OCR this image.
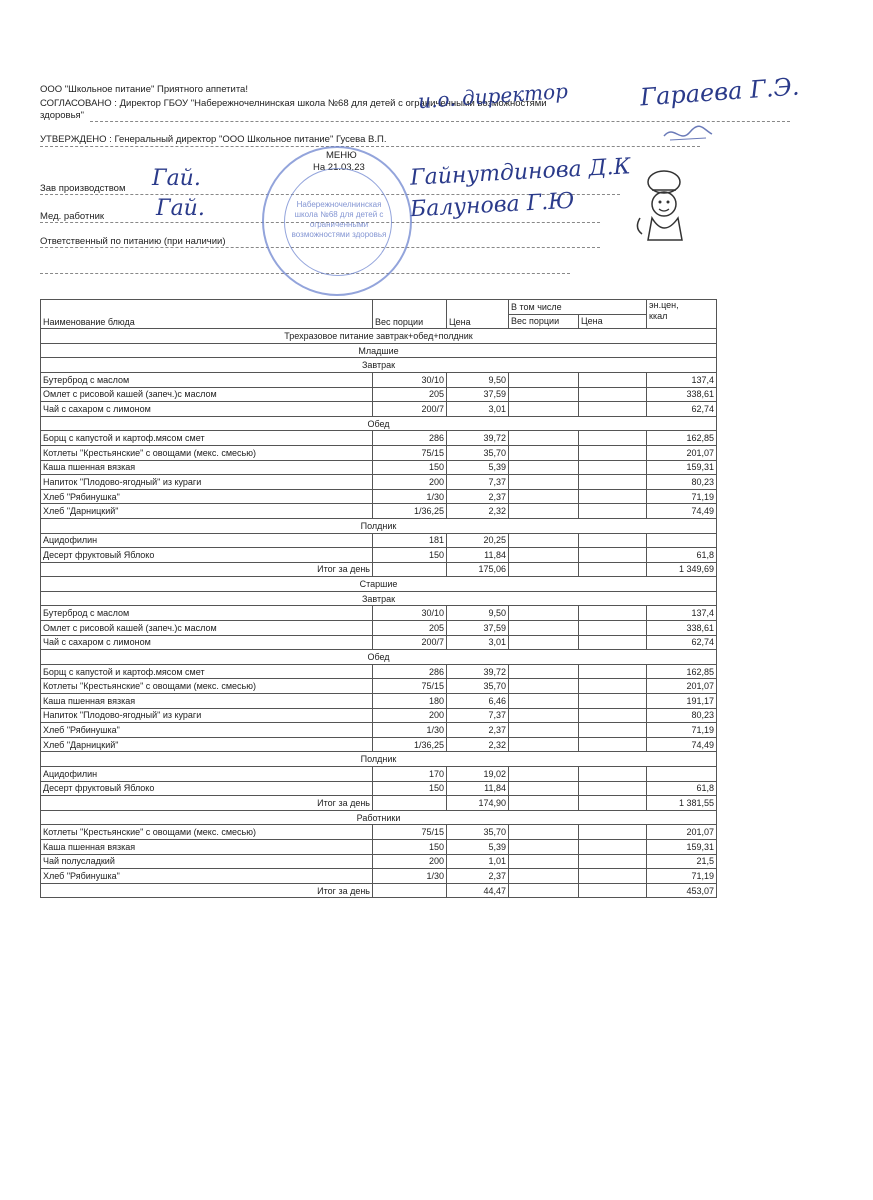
ООО "Школьное питание" Приятного аппетита!
СОГЛАСОВАНО : Директор ГБОУ "Набережночелнинская школа №68 для детей с ограниченными возможностями
здоровья"
УТВЕРЖДЕНО : Генеральный директор "ООО Школьное питание" Гусева В.П.
МЕНЮ
На 21.03.23
Зав производством
Мед. работник
Ответственный по питанию (при наличии)
и.о. директор	Гараева Г.Э.
Гай.
Гай.
Гайнутдинова Д.К
Балунова Г.Ю
Набережночелнинская школа №68 для детей с ограниченными возможностями здоровья
Наименование блюда	Вес порции	Цена	В том числе		эн.цен,
ккал

			Вес порции	Цена	
Трехразовое питание завтрак+обед+полдник					
Младшие					
Завтрак					
Бутерброд с маслом	30/10	9,50			137,4
Омлет с рисовой кашей (запеч.)с маслом	205	37,59			338,61
Чай с сахаром с лимоном	200/7	3,01			62,74
Обед					
Борщ с капустой и картоф.мясом смет	286	39,72			162,85
Котлеты "Крестьянские" с овощами (мекс. смесью)	75/15	35,70			201,07
Каша пшенная вязкая	150	5,39			159,31
Напиток "Плодово-ягодный" из кураги	200	7,37			80,23
Хлеб "Рябинушка"	1/30	2,37			71,19
Хлеб "Дарницкий"	1/36,25	2,32			74,49
Полдник					
Ацидофилин	181	20,25			
Десерт фруктовый Яблоко	150	11,84			61,8
Итог за день		175,06			1 349,69
Старшие					
Завтрак					
Бутерброд с маслом	30/10	9,50			137,4
Омлет с рисовой кашей (запеч.)с маслом	205	37,59			338,61
Чай с сахаром с лимоном	200/7	3,01			62,74
Обед					
Борщ с капустой и картоф.мясом смет	286	39,72			162,85
Котлеты "Крестьянские" с овощами (мекс. смесью)	75/15	35,70			201,07
Каша пшенная вязкая	180	6,46			191,17
Напиток "Плодово-ягодный" из кураги	200	7,37			80,23
Хлеб "Рябинушка"	1/30	2,37			71,19
Хлеб "Дарницкий"	1/36,25	2,32			74,49
Полдник					
Ацидофилин	170	19,02			
Десерт фруктовый Яблоко	150	11,84			61,8
Итог за день		174,90			1 381,55
Работники					
Котлеты "Крестьянские" с овощами (мекс. смесью)	75/15	35,70			201,07
Каша пшенная вязкая	150	5,39			159,31
Чай полусладкий	200	1,01			21,5
Хлеб "Рябинушка"	1/30	2,37			71,19
Итог за день		44,47			453,07
